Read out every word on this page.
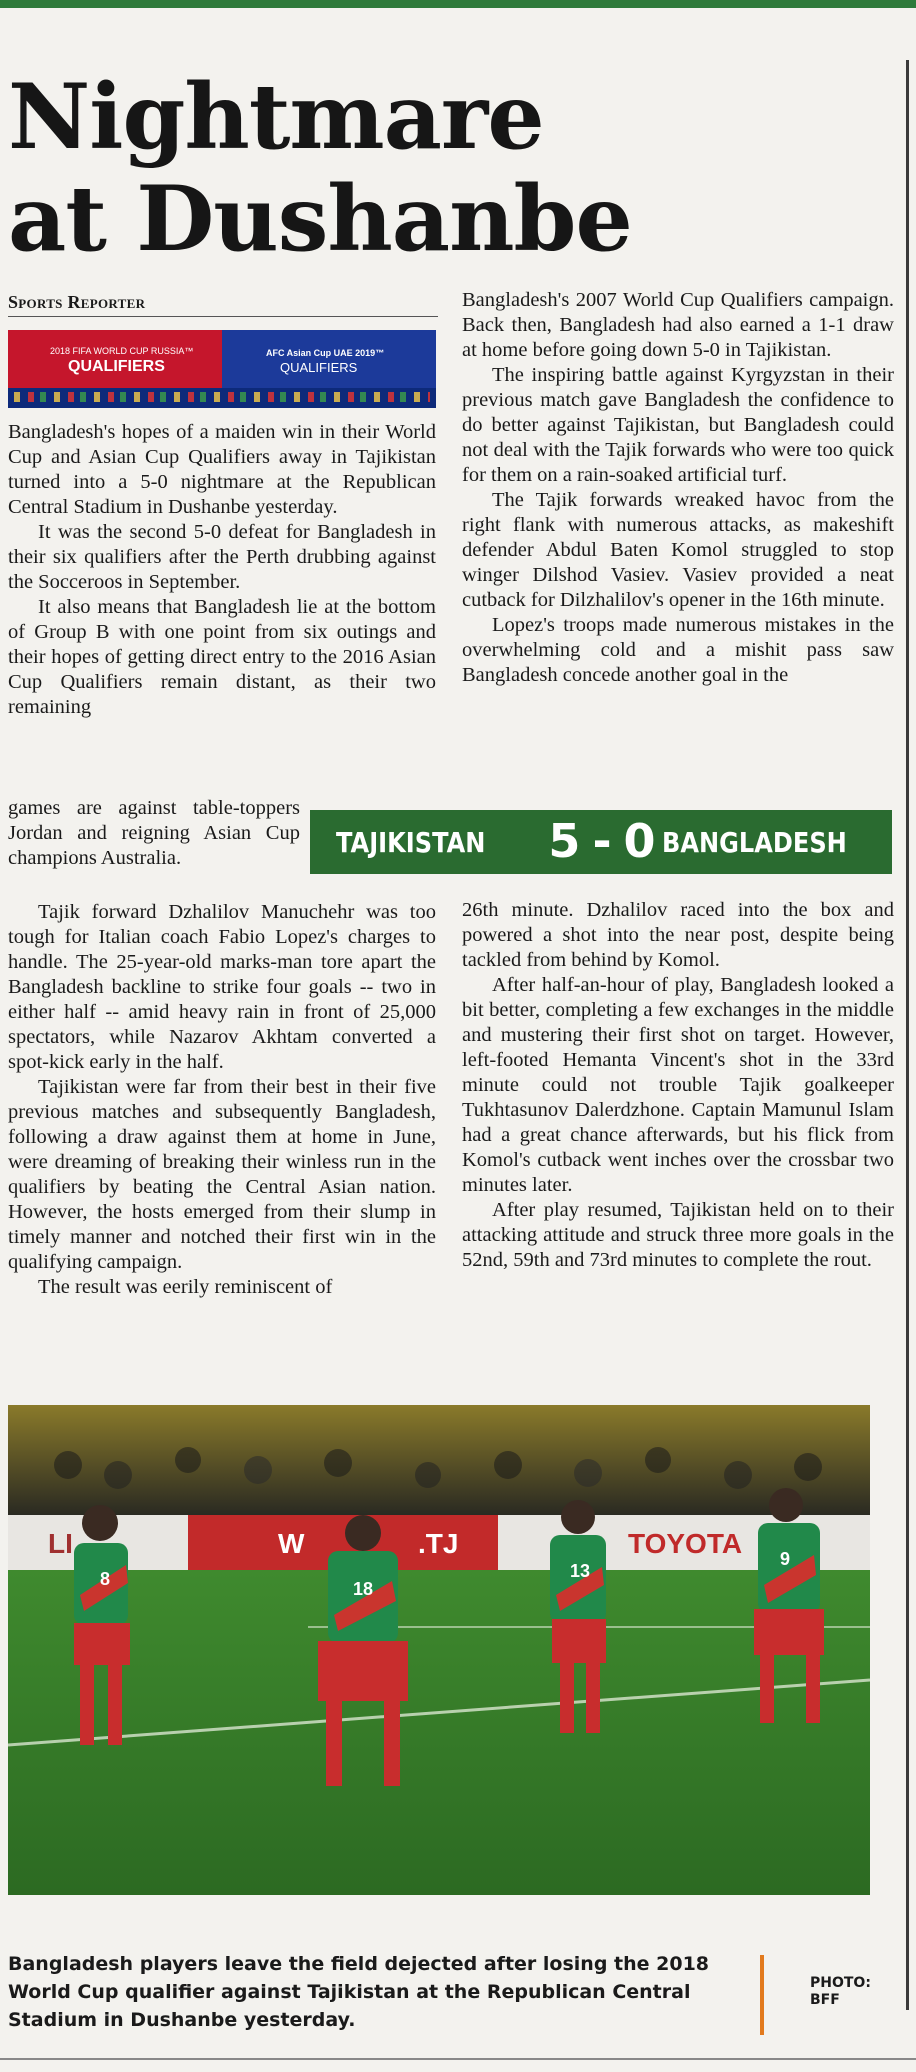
Nightmare at Dushanbe
Sports Reporter
2018 FIFA WORLD CUP RUSSIA™
QUALIFIERS
AFC Asian Cup UAE 2019™
QUALIFIERS

Bangladesh's hopes of a maiden win in their World Cup and Asian Cup Qualifiers away in Tajikistan turned into a 5-0 nightmare at the Republican Central Stadium in Dushanbe yesterday.

It was the second 5-0 defeat for Bangladesh in their six qualifiers after the Perth drubbing against the Socceroos in September.

It also means that Bangladesh lie at the bottom of Group B with one point from six outings and their hopes of getting direct entry to the 2016 Asian Cup Qualifiers remain distant, as their two remaining

games are against table-toppers Jordan and reigning Asian Cup champions Australia.	TAJIKISTAN 5 - 0 BANGLADESH

Tajik forward Dzhalilov Manuchehr was too tough for Italian coach Fabio Lopez's charges to handle. The 25-year-old marks-man tore apart the Bangladesh backline to strike four goals -- two in either half -- amid heavy rain in front of 25,000 spectators, while Nazarov Akhtam converted a spot-kick early in the half.

Tajikistan were far from their best in their five previous matches and subsequently Bangladesh, following a draw against them at home in June, were dreaming of breaking their winless run in the qualifiers by beating the Central Asian nation. However, the hosts emerged from their slump in timely manner and notched their first win in the qualifying campaign.

The result was eerily reminiscent of

Bangladesh's 2007 World Cup Qualifiers campaign. Back then, Bangladesh had also earned a 1-1 draw at home before going down 5-0 in Tajikistan.

The inspiring battle against Kyrgyzstan in their previous match gave Bangladesh the confidence to do better against Tajikistan, but Bangladesh could not deal with the Tajik forwards who were too quick for them on a rain-soaked artificial turf.

The Tajik forwards wreaked havoc from the right flank with numerous attacks, as makeshift defender Abdul Baten Komol struggled to stop winger Dilshod Vasiev. Vasiev provided a neat cutback for Dilzhalilov's opener in the 16th minute.

Lopez's troops made numerous mistakes in the overwhelming cold and a mishit pass saw Bangladesh concede another goal in the

26th minute. Dzhalilov raced into the box and powered a shot into the near post, despite being tackled from behind by Komol.

After half-an-hour of play, Bangladesh looked a bit better, completing a few exchanges in the middle and mustering their first shot on target. However, left-footed Hemanta Vincent's shot in the 33rd minute could not trouble Tajik goalkeeper Tukhtasunov Dalerdzhone. Captain Mamunul Islam had a great chance afterwards, but his flick from Komol's cutback went inches over the crossbar two minutes later.

After play resumed, Tajikistan held on to their attacking attitude and struck three more goals in the 52nd, 59th and 73rd minutes to complete the rout.

LI	W	.TJ	TOYOTA
8	18
13
9

Bangladesh players leave the field dejected after losing the 2018 World Cup qualifier against Tajikistan at the Republican Central Stadium in Dushanbe yesterday.

PHOTO:
BFF
